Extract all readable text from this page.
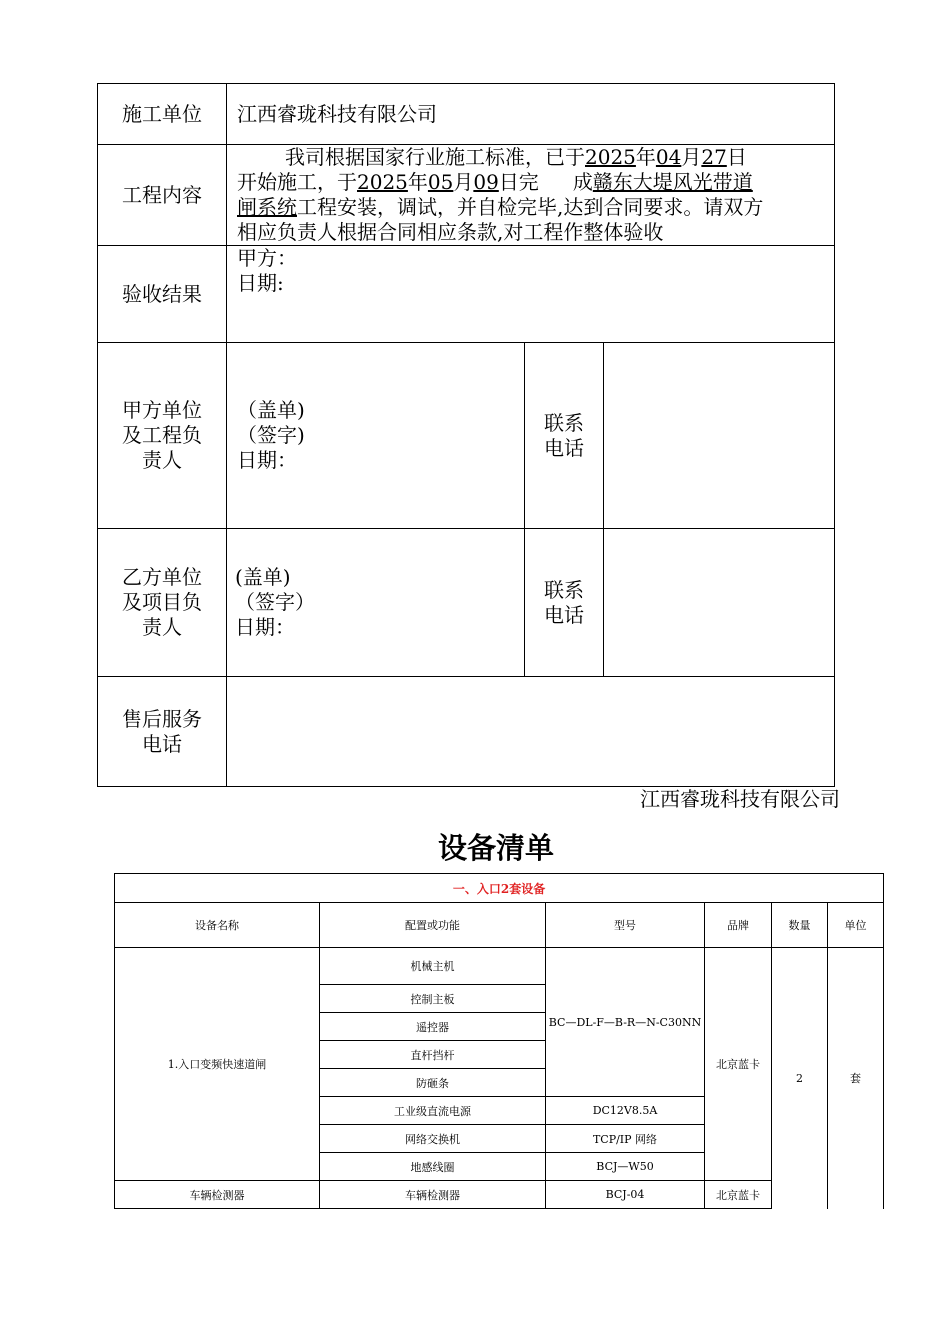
施工单位	江西睿珑科技有限公司		
工程内容	我司根据国家行业施工标准，已于2025年04月27日
开始施工，于2025年05月09日完 成赣东大堤风光带道
闸系统工程安装，调试，并自检完毕,达到合同要求。请双方
相应负责人根据合同相应条款,对工程作整体验收		

验收结果	甲方：
日期:		

甲方单位及工程负责人	（盖单)
（签字)
日期：	联系电话	
乙方单位及项目负责人	(盖单)
（签字）
日期：	联系电话	
售后服务电话			
江西睿珑科技有限公司
设备清单
一、入口2套设备					
设备名称	配置或功能	型号	品牌	数量	单位
1.入口变频快速道闸	机械主机	BC—DL-F—B-R—N-C30NN	北京蓝卡	2	套
	控制主板				
	遥控器				
	直杆挡杆				
	防砸条				
	工业级直流电源	DC12V8.5A			
	网络交换机	TCP/IP 网络			
	地感线圈	BCJ—W50			
车辆检测器	车辆检测器	BCJ-04	北京蓝卡		
